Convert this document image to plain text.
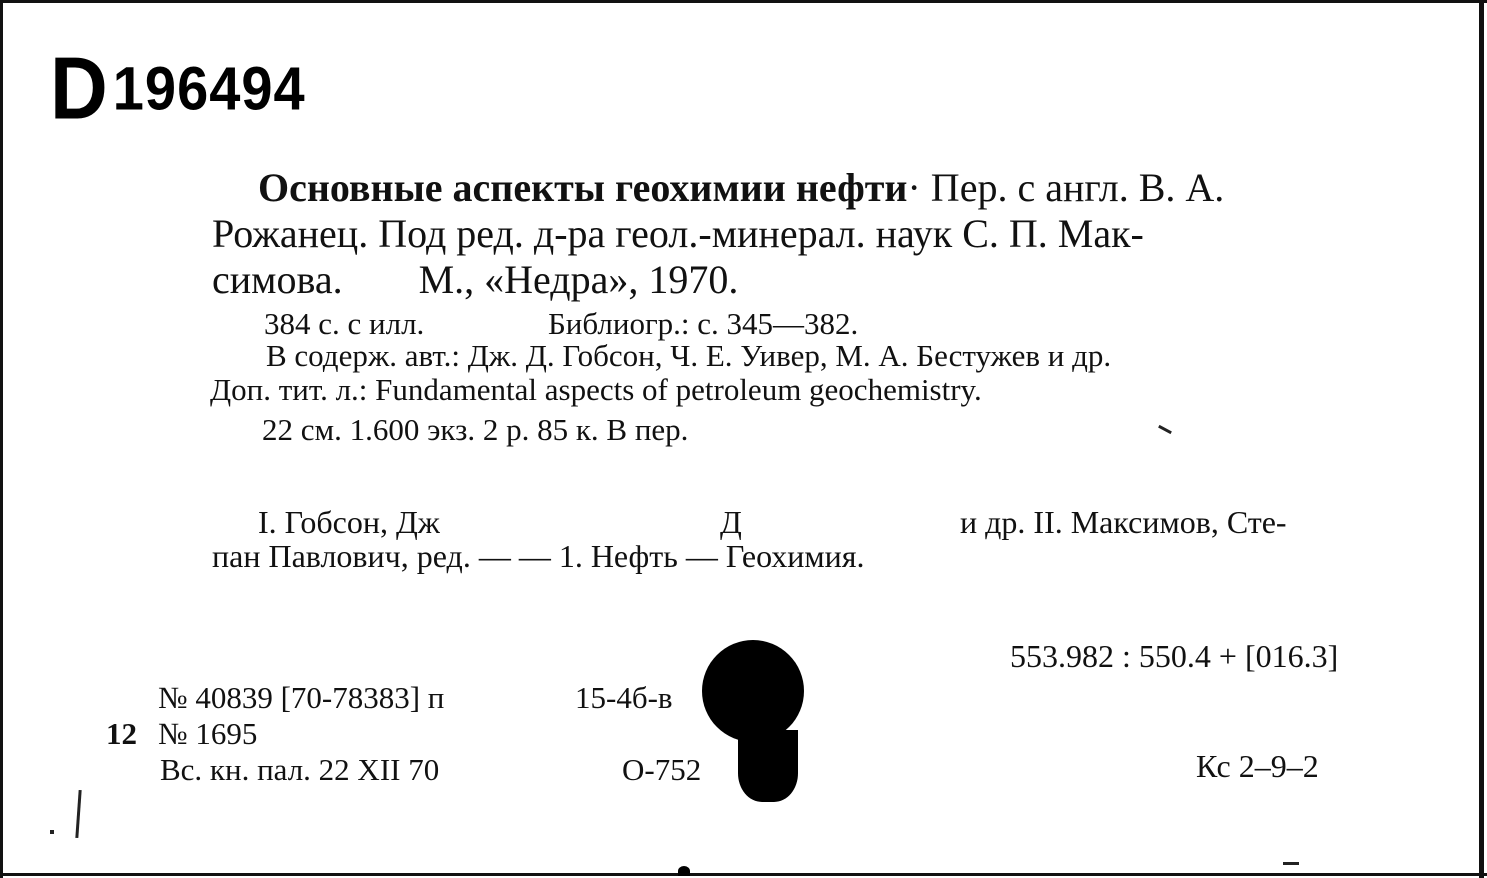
D196494
Основные аспекты геохимии нефти· Пер. с англ. В. А.
Рожанец. Под ред. д-ра геол.-минерал. наук С. П. Мак-
симова. М., «Недра», 1970.
384 с. с илл.	Библиогр.: с. 345—382.
В содерж. авт.: Дж. Д. Гобсон, Ч. Е. Уивер, М. А. Бестужев и др.
Доп. тит. л.: Fundamental aspects of petroleum geochemistry.
22 см. 1.600 экз. 2 р. 85 к. В пер.
I. Гобсон, Дж	Д	и др. II. Максимов, Сте-
пан Павлович, ред. — — 1. Нефть — Геохимия.
553.982 : 550.4 + [016.3]
№ 40839 [70-78383] п	15-4б-в
12 № 1695
Вс. кн. пал. 22 XII 70	О-752	Кс 2–9–2
